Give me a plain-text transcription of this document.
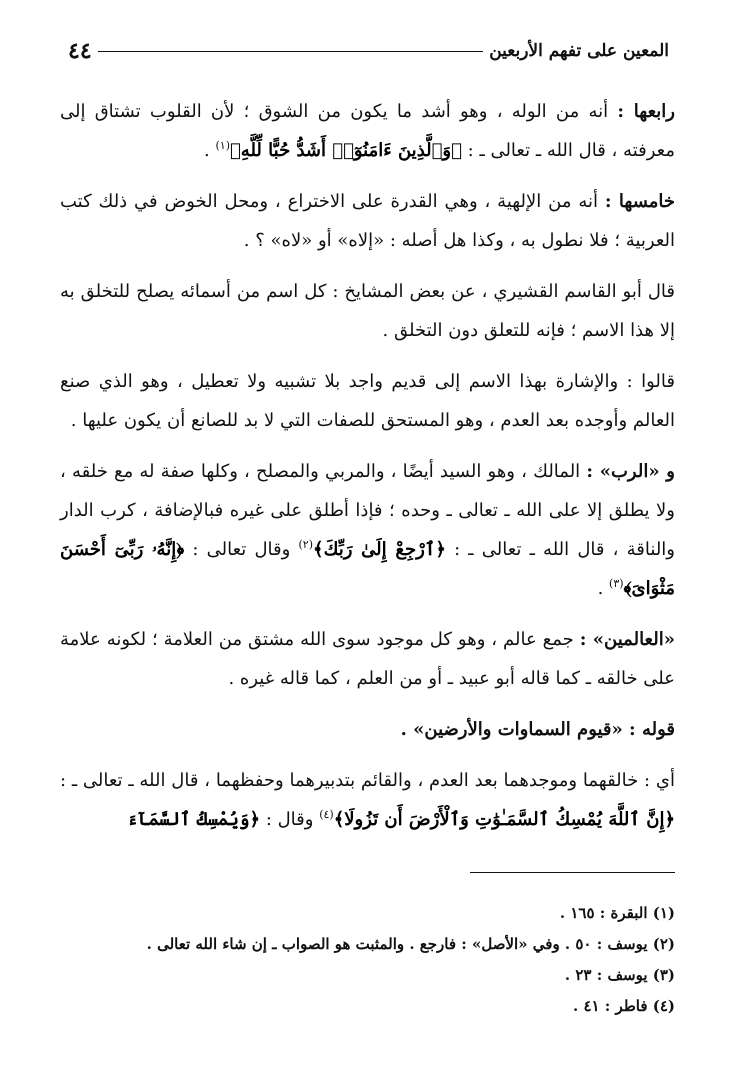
المعين على تفهم الأربعين
٤٤

رابعها : أنه من الوله ، وهو أشد ما يكون من الشوق ؛ لأن القلوب تشتاق إلى معرفته ، قال الله ـ تعالى ـ : ﴿وَٱلَّذِينَ ءَامَنُوٓا۟ أَشَدُّ حُبًّا لِّلَّهِ﴾$^{(١)}$ .

خامسها : أنه من الإلهية ، وهي القدرة على الاختراع ، ومحل الخوض في ذلك كتب العربية ؛ فلا نطول به ، وكذا هل أصله : «إلاه» أو «لاه» ؟ .

قال أبو القاسم القشيري ، عن بعض المشايخ : كل اسم من أسمائه يصلح للتخلق به إلا هذا الاسم ؛ فإنه للتعلق دون التخلق .

قالوا : والإشارة بهذا الاسم إلى قديم واجد بلا تشبيه ولا تعطيل ، وهو الذي صنع العالم وأوجده بعد العدم ، وهو المستحق للصفات التي لا بد للصانع أن يكون عليها .

و «الرب» : المالك ، وهو السيد أيضًا ، والمربي والمصلح ، وكلها صفة له مع خلقه ، ولا يطلق إلا على الله ـ تعالى ـ وحده ؛ فإذا أطلق على غيره فبالإضافة ، كرب الدار والناقة ، قال الله ـ تعالى ـ : ﴿ٱرْجِعْ إِلَىٰ رَبِّكَ﴾$^{(٢)}$ وقال تعالى : ﴿إِنَّهُۥ رَبِّىٓ أَحْسَنَ مَثْوَاىَ﴾$^{(٣)}$ .

«العالمين» : جمع عالم ، وهو كل موجود سوى الله مشتق من العلامة ؛ لكونه علامة على خالقه ـ كما قاله أبو عبيد ـ أو من العلم ، كما قاله غيره .

قوله : «قيوم السماوات والأرضين» .

أي : خالقهما وموجدهما بعد العدم ، والقائم بتدبيرهما وحفظهما ، قال الله ـ تعالى ـ : ﴿إِنَّ ٱللَّهَ يُمْسِكُ ٱلسَّمَـٰوَٰتِ وَٱلْأَرْضَ أَن تَزُولَا﴾$^{(٤)}$ وقال : ﴿وَيُمْسِكُ ٱلسَّمَآءَ

(١) البقرة : ١٦٥ .

(٢) يوسف : ٥٠ . وفي «الأصل» : فارجع . والمثبت هو الصواب ـ إن شاء الله تعالى .

(٣) يوسف : ٢٣ .

(٤) فاطر : ٤١ .
